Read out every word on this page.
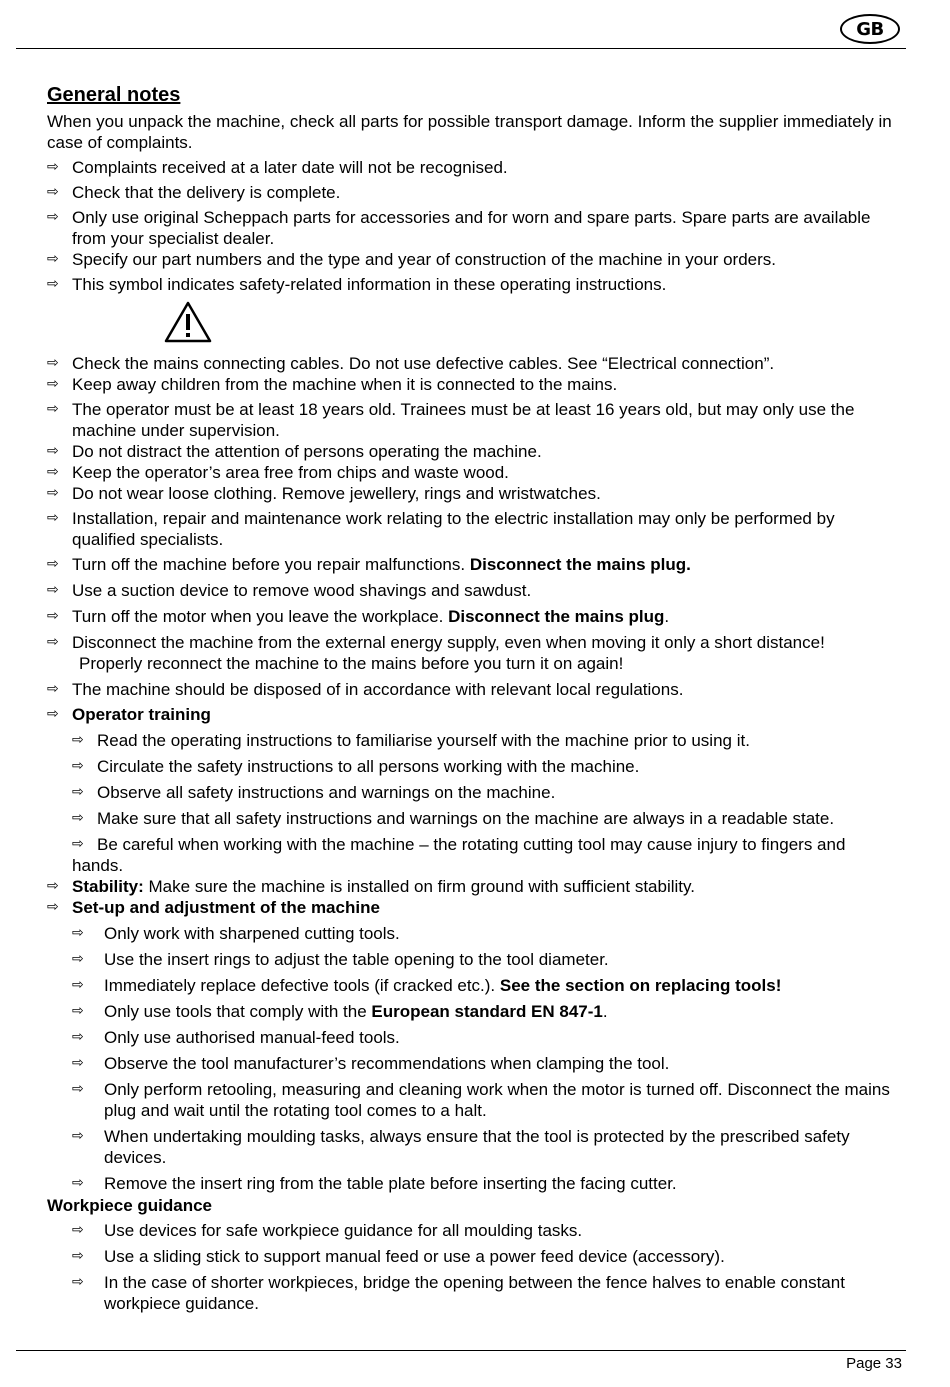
GB
General notes
When you unpack the machine, check all parts for possible transport damage. Inform the supplier immediately in case of complaints.
⇨ Complaints received at a later date will not be recognised.
⇨ Check that the delivery is complete.
⇨ Only use original Scheppach parts for accessories and for worn and spare parts. Spare parts are available from your specialist dealer.
⇨ Specify our part numbers and the type and year of construction of the machine in your orders.
⇨ This symbol indicates safety-related information in these operating instructions.
⇨ Check the mains connecting cables. Do not use defective cables. See “Electrical connection”.
⇨ Keep away children from the machine when it is connected to the mains.
⇨ The operator must be at least 18 years old. Trainees must be at least 16 years old, but may only use the machine under supervision.
⇨ Do not distract the attention of persons operating the machine.
⇨ Keep the operator’s area free from chips and waste wood.
⇨ Do not wear loose clothing. Remove jewellery, rings and wristwatches.
⇨ Installation, repair and maintenance work relating to the electric installation may only be performed by qualified specialists.
⇨ Turn off the machine before you repair malfunctions. Disconnect the mains plug.
⇨ Use a suction device to remove wood shavings and sawdust.
⇨ Turn off the motor when you leave the workplace. Disconnect the mains plug.
⇨ Disconnect the machine from the external energy supply, even when moving it only a short distance!
Properly reconnect the machine to the mains before you turn it on again!
⇨ The machine should be disposed of in accordance with relevant local regulations.
⇨ Operator training
⇨ Read the operating instructions to familiarise yourself with the machine prior to using it.
⇨ Circulate the safety instructions to all persons working with the machine.
⇨ Observe all safety instructions and warnings on the machine.
⇨ Make sure that all safety instructions and warnings on the machine are always in a readable state.
⇨ Be careful when working with the machine – the rotating cutting tool may cause injury to fingers and hands.
⇨ Stability: Make sure the machine is installed on firm ground with sufficient stability.
⇨ Set-up and adjustment of the machine
⇨ Only work with sharpened cutting tools.
⇨ Use the insert rings to adjust the table opening to the tool diameter.
⇨ Immediately replace defective tools (if cracked etc.). See the section on replacing tools!
⇨ Only use tools that comply with the European standard EN 847-1.
⇨ Only use authorised manual-feed tools.
⇨ Observe the tool manufacturer’s recommendations when clamping the tool.
⇨ Only perform retooling, measuring and cleaning work when the motor is turned off. Disconnect the mains plug and wait until the rotating tool comes to a halt.
⇨ When undertaking moulding tasks, always ensure that the tool is protected by the prescribed safety devices.
⇨ Remove the insert ring from the table plate before inserting the facing cutter.
Workpiece guidance
⇨ Use devices for safe workpiece guidance for all moulding tasks.
⇨ Use a sliding stick to support manual feed or use a power feed device (accessory).
⇨ In the case of shorter workpieces, bridge the opening between the fence halves to enable constant workpiece guidance.
Page 33
